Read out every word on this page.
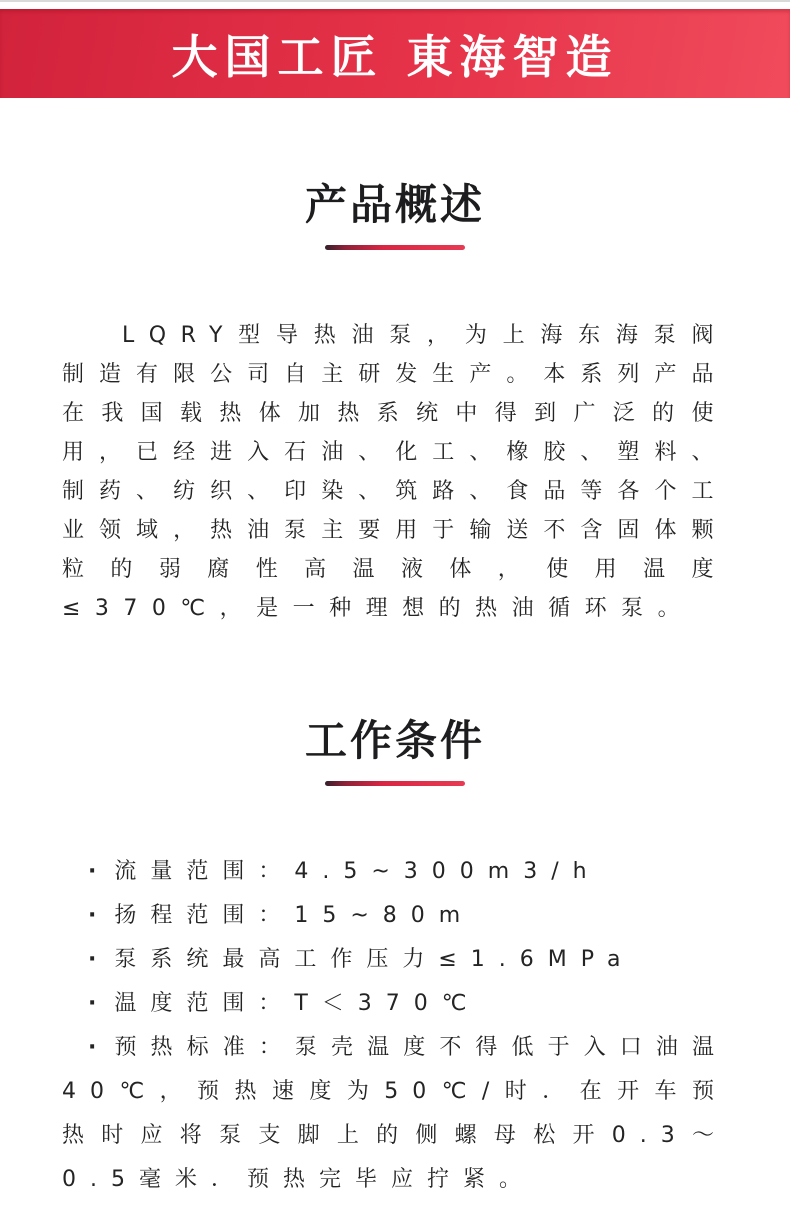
大国工匠 東海智造
产品概述
LQRY型导热油泵，为上海东海泵阀制造有限公司自主研发生产。本系列产品在我国载热体加热系统中得到广泛的使用，已经进入石油、化工、橡胶、塑料、制药、纺织、印染、筑路、食品等各个工业领域，热油泵主要用于输送不含固体颗粒的弱腐性高温液体，使用温度≤370℃，是一种理想的热油循环泵。
工作条件
· 流量范围：4.5~300m3/h
· 扬程范围：15~80m
· 泵系统最高工作压力≤1.6MPa
· 温度范围：T＜370℃
· 预热标准：泵壳温度不得低于入口油温40℃，预热速度为50℃/时．在开车预热时应将泵支脚上的侧螺母松开0.3～0.5毫米．预热完毕应拧紧。
